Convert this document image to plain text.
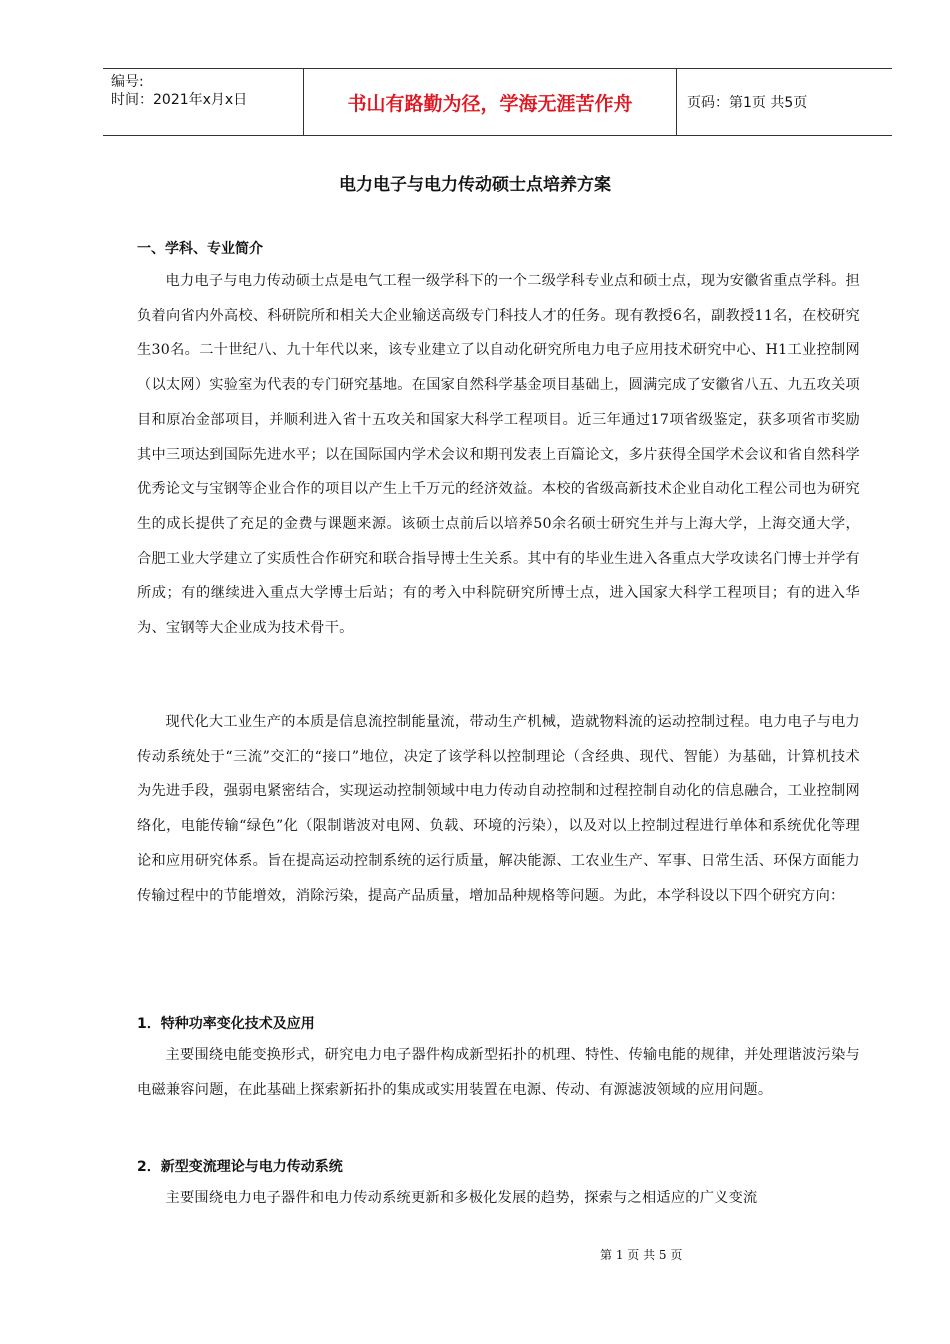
编号:
时间：2021年x月x日	书山有路勤为径，学海无涯苦作舟	页码：第1页 共5页
电力电子与电力传动硕士点培养方案
一、学科、专业简介

电力电子与电力传动硕士点是电气工程一级学科下的一个二级学科专业点和硕士点，现为安徽省重点学科。担负着向省内外高校、科研院所和相关大企业输送高级专门科技人才的任务。现有教授6名，副教授11名，在校研究生30名。二十世纪八、九十年代以来，该专业建立了以自动化研究所电力电子应用技术研究中心、H1工业控制网（以太网）实验室为代表的专门研究基地。在国家自然科学基金项目基础上，圆满完成了安徽省八五、九五攻关项目和原冶金部项目，并顺利进入省十五攻关和国家大科学工程项目。近三年通过17项省级鉴定，获多项省市奖励其中三项达到国际先进水平；以在国际国内学术会议和期刊发表上百篇论文，多片获得全国学术会议和省自然科学优秀论文与宝钢等企业合作的项目以产生上千万元的经济效益。本校的省级高新技术企业自动化工程公司也为研究生的成长提供了充足的金费与课题来源。该硕士点前后以培养50余名硕士研究生并与上海大学，上海交通大学，合肥工业大学建立了实质性合作研究和联合指导博士生关系。其中有的毕业生进入各重点大学攻读名门博士并学有所成；有的继续进入重点大学博士后站；有的考入中科院研究所博士点，进入国家大科学工程项目；有的进入华为、宝钢等大企业成为技术骨干。

现代化大工业生产的本质是信息流控制能量流，带动生产机械，造就物料流的运动控制过程。电力电子与电力传动系统处于“三流”交汇的“接口”地位，决定了该学科以控制理论（含经典、现代、智能）为基础，计算机技术为先进手段，强弱电紧密结合，实现运动控制领域中电力传动自动控制和过程控制自动化的信息融合，工业控制网络化，电能传输“绿色”化（限制谐波对电网、负载、环境的污染），以及对以上控制过程进行单体和系统优化等理论和应用研究体系。旨在提高运动控制系统的运行质量，解决能源、工农业生产、军事、日常生活、环保方面能力传输过程中的节能增效，消除污染，提高产品质量，增加品种规格等问题。为此，本学科设以下四个研究方向：

1．特种功率变化技术及应用

主要围绕电能变换形式，研究电力电子器件构成新型拓扑的机理、特性、传输电能的规律，并处理谐波污染与电磁兼容问题，在此基础上探索新拓扑的集成或实用装置在电源、传动、有源滤波领域的应用问题。

2．新型变流理论与电力传动系统

主要围绕电力电子器件和电力传动系统更新和多极化发展的趋势，探索与之相适应的广义变流

第 1 页 共 5 页
